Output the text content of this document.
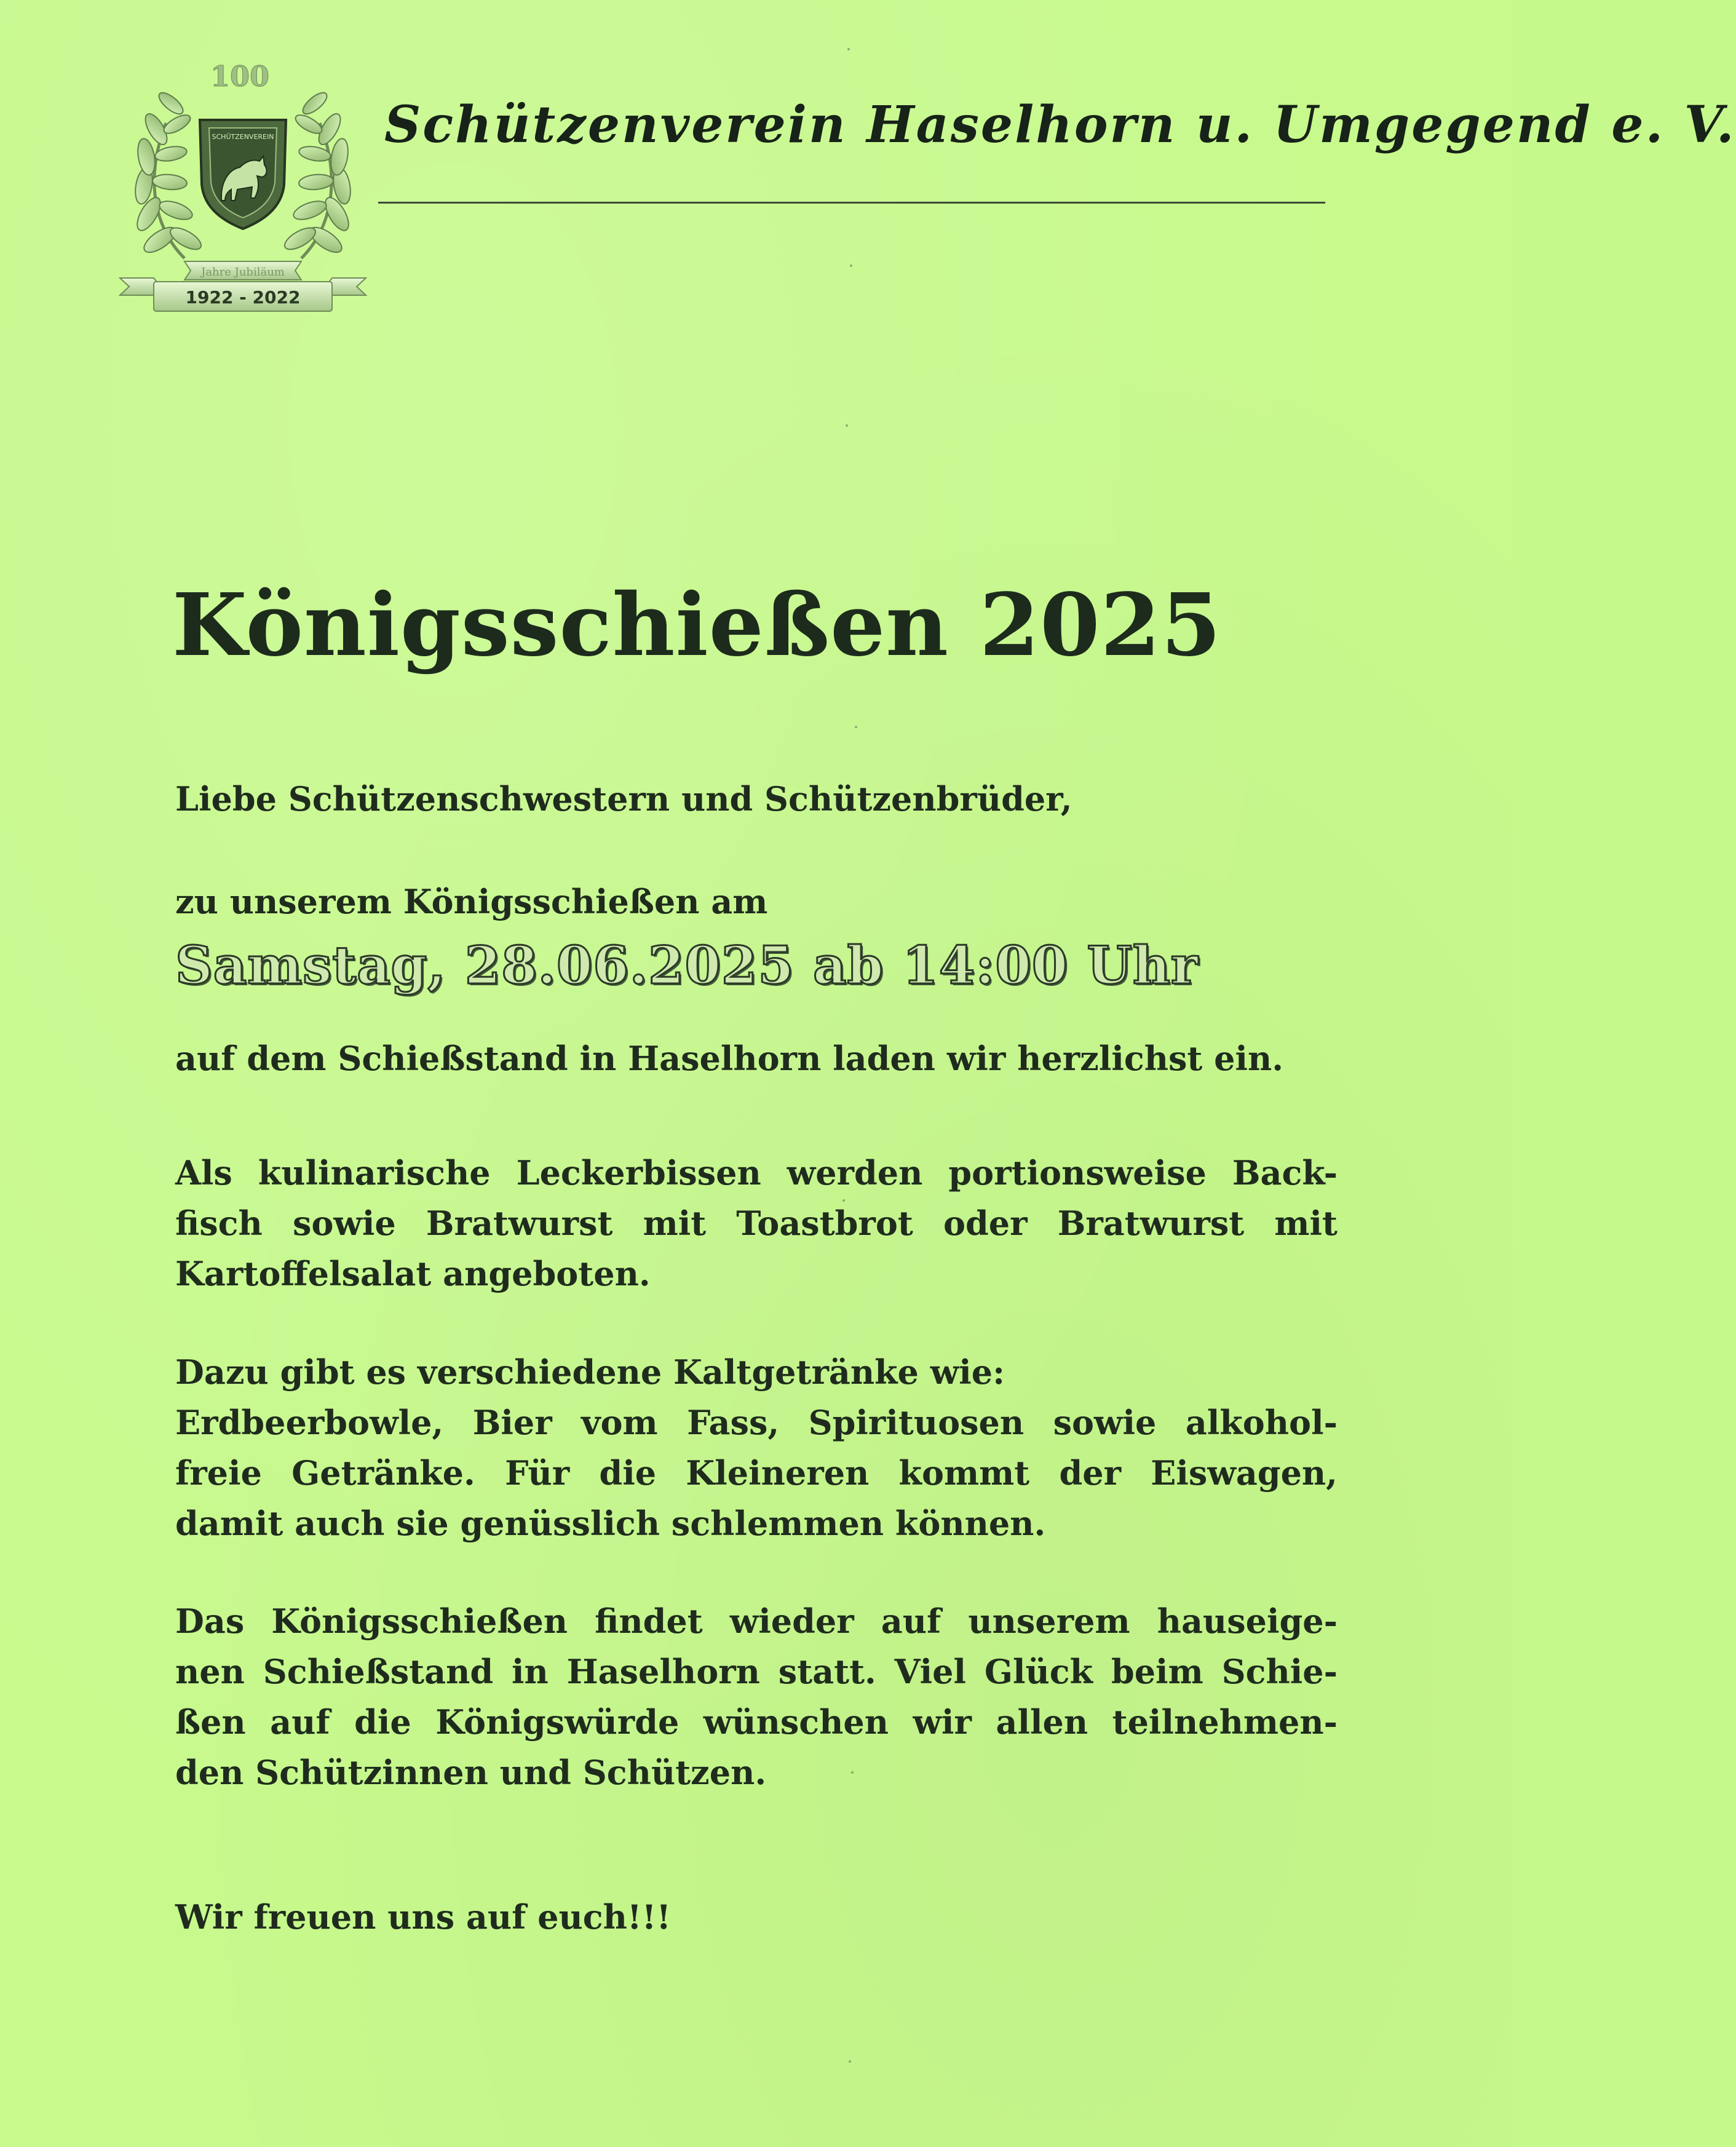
100
SCHÜTZENVEREIN
Jahre Jubiläum
1922 - 2022
Schützenverein Haselhorn u. Umgegend e. V.
Königsschießen 2025
Liebe Schützenschwestern und Schützenbrüder,
zu unserem Königsschießen am
Samstag, 28.06.2025 ab 14:00 Uhr
auf dem Schießstand in Haselhorn laden wir herzlichst ein.
Als kulinarische Leckerbissen werden portionsweise Back-
fisch sowie Bratwurst mit Toastbrot oder Bratwurst mit
Kartoffelsalat angeboten.
Dazu gibt es verschiedene Kaltgetränke wie:
Erdbeerbowle, Bier vom Fass, Spirituosen sowie alkohol-
freie Getränke. Für die Kleineren kommt der Eiswagen,
damit auch sie genüsslich schlemmen können.
Das Königsschießen findet wieder auf unserem hauseige-
nen Schießstand in Haselhorn statt. Viel Glück beim Schie-
ßen auf die Königswürde wünschen wir allen teilnehmen-
den Schützinnen und Schützen.
Wir freuen uns auf euch!!!
